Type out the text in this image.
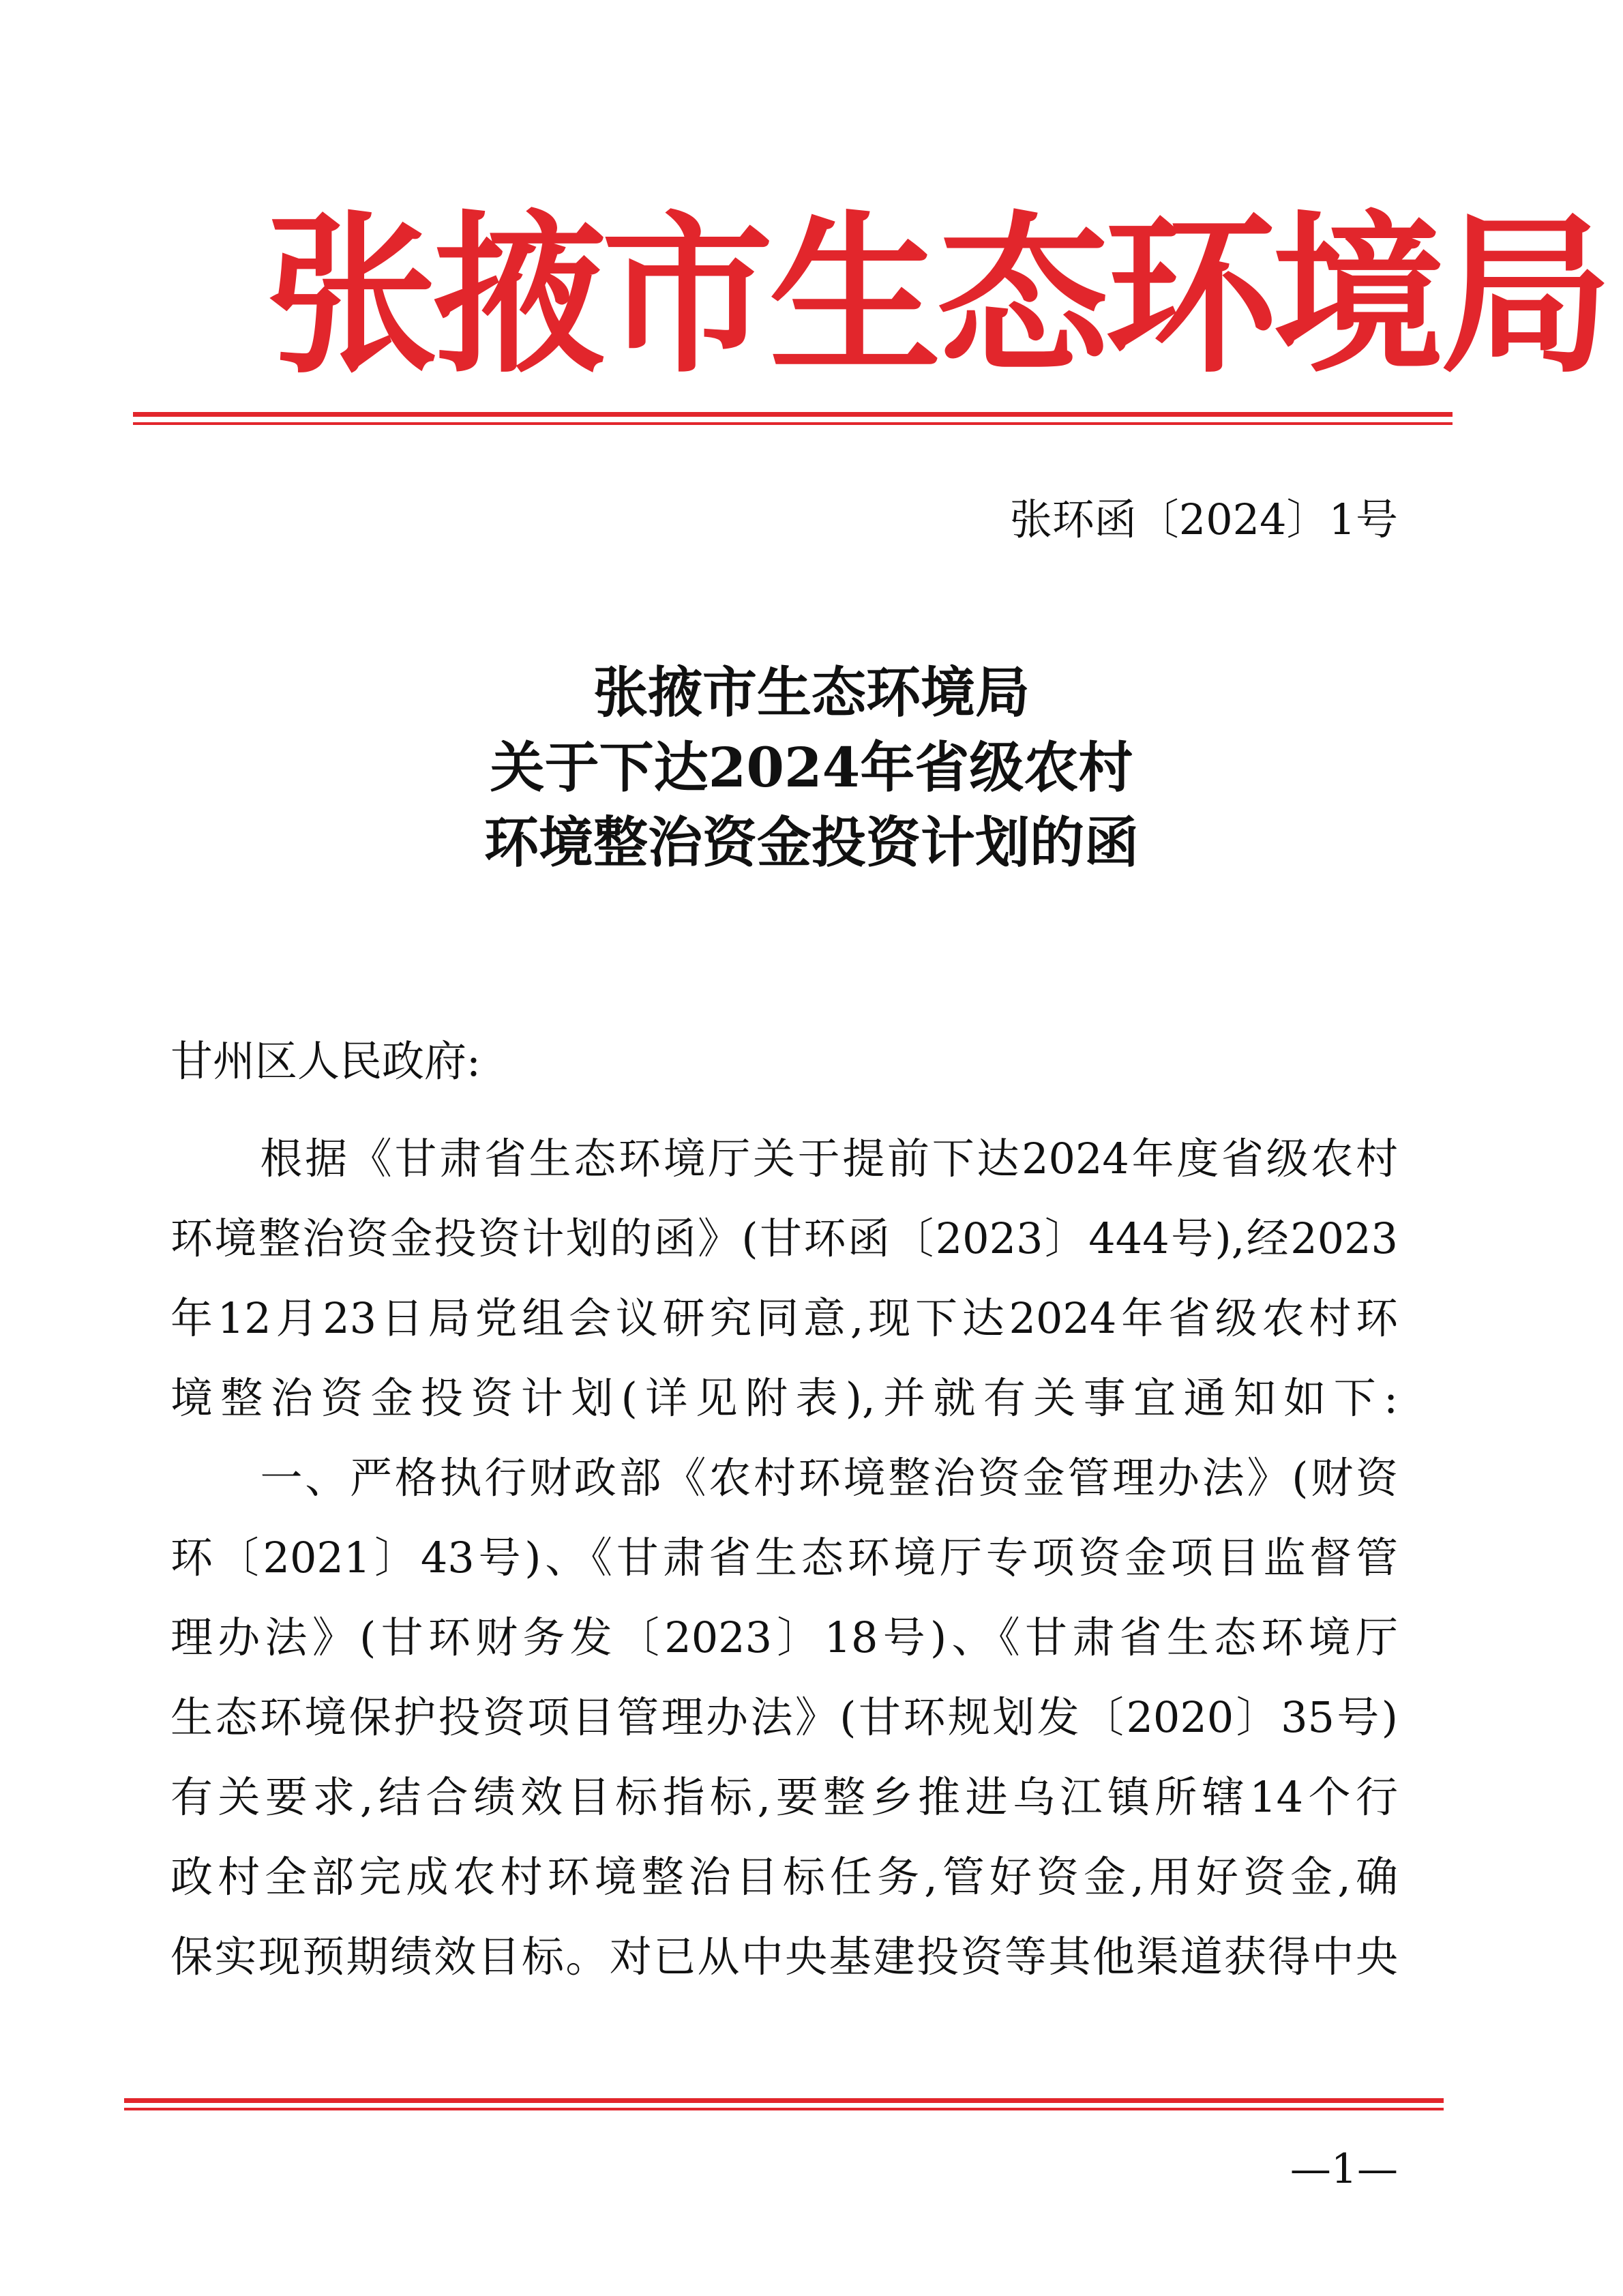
张掖市生态环境局
张环函〔2024〕1号
张掖市生态环境局
关于下达2024年省级农村
环境整治资金投资计划的函
甘州区人民政府:
　　根据《甘肃省生态环境厅关于提前下达2024年度省级农村
环境整治资金投资计划的函》(甘环函〔2023〕444号),经2023
年12月23日局党组会议研究同意,现下达2024年省级农村环
境整治资金投资计划(详见附表),并就有关事宜通知如下:
　　一、严格执行财政部《农村环境整治资金管理办法》(财资
环〔2021〕43号)、《甘肃省生态环境厅专项资金项目监督管
理办法》(甘环财务发〔2023〕18号)、《甘肃省生态环境厅
生态环境保护投资项目管理办法》(甘环规划发〔2020〕35号)
有关要求,结合绩效目标指标,要整乡推进乌江镇所辖14个行
政村全部完成农村环境整治目标任务,管好资金,用好资金,确
保实现预期绩效目标。对已从中央基建投资等其他渠道获得中央
—1—
